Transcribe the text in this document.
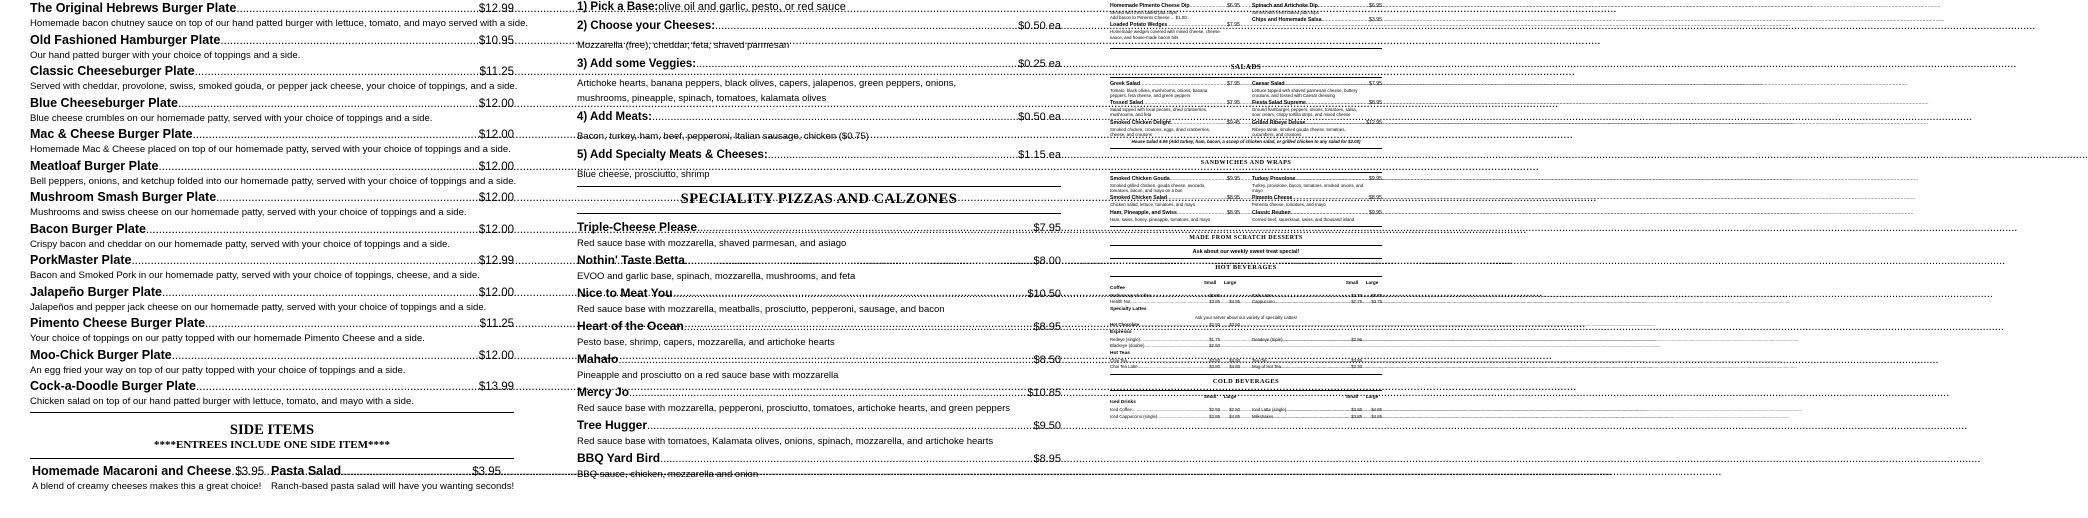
The Original Hebrews Burger Plate .....	$12.99
Homemade bacon chutney sauce on top of our hand patted burger with lettuce, tomato, and mayo served with a side.
Old Fashioned Hamburger Plate .....	$10.95
Our hand patted burger with your choice of toppings and a side.
Classic Cheeseburger Plate .....	$11.25
Served with cheddar, provolone, swiss, smoked gouda, or pepper jack cheese, your choice of toppings, and a side.
Blue Cheeseburger Plate .....	$12.00
Blue cheese crumbles on our homemade patty, served with your choice of toppings and a side.
Mac & Cheese Burger Plate .....	$12.00
Homemade Mac & Cheese placed on top of our homemade patty, served with your choice of toppings and a side.
Meatloaf Burger Plate .....	$12.00
Bell peppers, onions, and ketchup folded into our homemade patty, served with your choice of toppings and a side.
Mushroom Smash Burger Plate .....	$12.00
Mushrooms and swiss cheese on our homemade patty, served with your choice of toppings and a side.
Bacon Burger Plate .....	$12.00
Crispy bacon and cheddar on our homemade patty, served with your choice of toppings and a side.
PorkMaster Plate .....	$12.99
Bacon and Smoked Pork in our homemade patty, served with your choice of toppings, cheese, and a side.
Jalapeño Burger Plate .....	$12.00
Jalapeños and pepper jack cheese on our homemade patty, served with your choice of toppings and a side.
Pimento Cheese Burger Plate .....	$11.25
Your choice of toppings on our patty topped with our homemade Pimento Cheese and a side.
Moo-Chick Burger Plate .....	$12.00
An egg fried your way on top of our patty topped with your choice of toppings and a side.
Cock-a-Doodle Burger Plate .....	$13.99
Chicken salad on top of our hand patted burger with lettuce, tomato, and mayo with a side.
SIDE ITEMS
****ENTREES INCLUDE ONE SIDE ITEM****
Homemade Macaroni and Cheese ..... $3.95
A blend of creamy cheeses makes this a great choice!
Pasta Salad .....	$3.95
Ranch-based pasta salad will have you wanting seconds!
1) Pick a Base: olive oil and garlic, pesto, or red sauce
2) Choose your Cheeses: .....	$0.50 ea
Mozzarella (free), cheddar, feta, shaved parmesan
3) Add some Veggies: .....	$0.25 ea
Artichoke hearts, banana peppers, black olives, capers, jalapenos, green peppers, onions,
mushrooms, pineapple, spinach, tomatoes, kalamata olives
4) Add Meats: .....	$0.50 ea
Bacon, turkey, ham, beef, pepperoni, Italian sausage, chicken ($0.75)
5) Add Specialty Meats & Cheeses: .....	$1.15 ea
Blue cheese, prosciutto, shrimp
SPECIALITY PIZZAS AND CALZONES
Triple-Cheese Please .....	$7.95
Red sauce base with mozzarella, shaved parmesan, and asiago
Nothin' Taste Betta .....	$8.00
EVOO and garlic base, spinach, mozzarella, mushrooms, and feta
Nice to Meat You .....	$10.50
Red sauce base with mozzarella, meatballs, prosciutto, pepperoni, sausage, and bacon
Heart of the Ocean .....	$8.95
Pesto base, shrimp, capers, mozzarella, and artichoke hearts
Mahalo .....	$8.50
Pineapple and prosciutto on a red sauce base with mozzarella
Mercy Jo .....	$10.85
Red sauce base with mozzarella, pepperoni, prosciutto, tomatoes, artichoke hearts, and green peppers
Tree Hugger .....	$9.50
Red sauce base with tomatoes, Kalamata olives, onions, spinach, mozzarella, and artichoke hearts
BBQ Yard Bird .....	$8.95
BBQ sauce, chicken, mozzarella and onion
Homemade Pimento Cheese Dip .....	$6.95
Served with fresh baked pita chips
Add bacon to Pimento Cheese ... $1.00
Loaded Potato Wedges .....	$7.95
Homemade wedges covered with mixed cheese, cheese
sauce, and house-made bacon bits
Spinach and Artichoke Dip .....	$6.95
Served with fresh baked pita chips
Chips and Homemade Salsa .....	$3.95
SALADS
Greek Salad .....	$7.95
Tomato, black olives, mushrooms, onions, banana
peppers, feta cheese, and green peppers
Tossed Salad .....	$7.95
Salad topped with local pecans, dried cranberries,
mushrooms, and feta
Smoked Chicken Delight .....	$9.45
Smoked chicken, croutons, eggs, dried cranberries,
cheese, and croutons
Caesar Salad .....	$7.95
Lettuce topped with shaved parmesan cheese, buttery
croutons, and tossed with Caesar dressing
Fiesta Salad Supreme .....	$8.95
Ground hamburger, peppers, onions, tomatoes, salsa,
sour cream, crispy tortilla strips, and mixed cheese
Grilled Ribeye Deluxe .....	$12.95
Ribeye steak, smoked gouda cheese, tomatoes,
cucumbers, and croutons
House Salad 5.95 (Add turkey, ham, bacon, a scoop of chicken salad, or grilled chicken to any salad for $2.00)
SANDWICHES AND WRAPS
Smoked Chicken Gouda .....	$9.95
Smoked grilled chicken, gouda cheese, avocado,
tomatoes, bacon, and mayo on a bun
Smoked Chicken Salad .....	$8.95
Chicken salad, lettuce, tomatoes, and mayo
Ham, Pineapple, and Swiss .....	$8.95
Ham, swiss, honey, pineapple, tomatoes, and mayo
Turkey Provolone .....	$9.95
Turkey, provolone, bacon, tomatoes, smoked onions, and
mayo
Pimento Cheese .....	$8.95
Pimento cheese, tomatoes, and mayo
Classic Reuben .....	$9.95
Corned beef, sauerkraut, swiss, and thousand island
MADE FROM SCRATCH DESSERTS
Ask about our weekly sweet treat special!
HOT BEVERAGES
Small	Large	Small	Large
Coffee
Endless cup of coffee .....	$1.95
Health Nut .....	$3.85	$4.85
Cafe Latte .....	$2.75	$3.75
Cappuccino .....	$2.75	$3.75
Specialty Lattes
Ask your server about our variety of specialty Lattes!
Hot Chocolate .....	$2.50	$3.50
Espresso
Redeye (single) .....	$1.75
Blackeye (double) .....	$2.50
Deadeye (triple) .....	$2.96
Hot Teas
Chai Tea .....	$3.50	$4.50
Chai Tea Latte .....	$3.80	$4.80
Tea Olé .....	$3.85
Mug of Hot Tea .....	$2.30
COLD BEVERAGES
Small	Large	Small	Large
Iced Drinks
Iced Coffee .....	$2.50	$2.50
Iced Cappuccino (single) .....	$3.85	$4.85
Iced Latte (single) .....	$3.85	$4.85
Milkshakes .....	$3.85	$4.85
